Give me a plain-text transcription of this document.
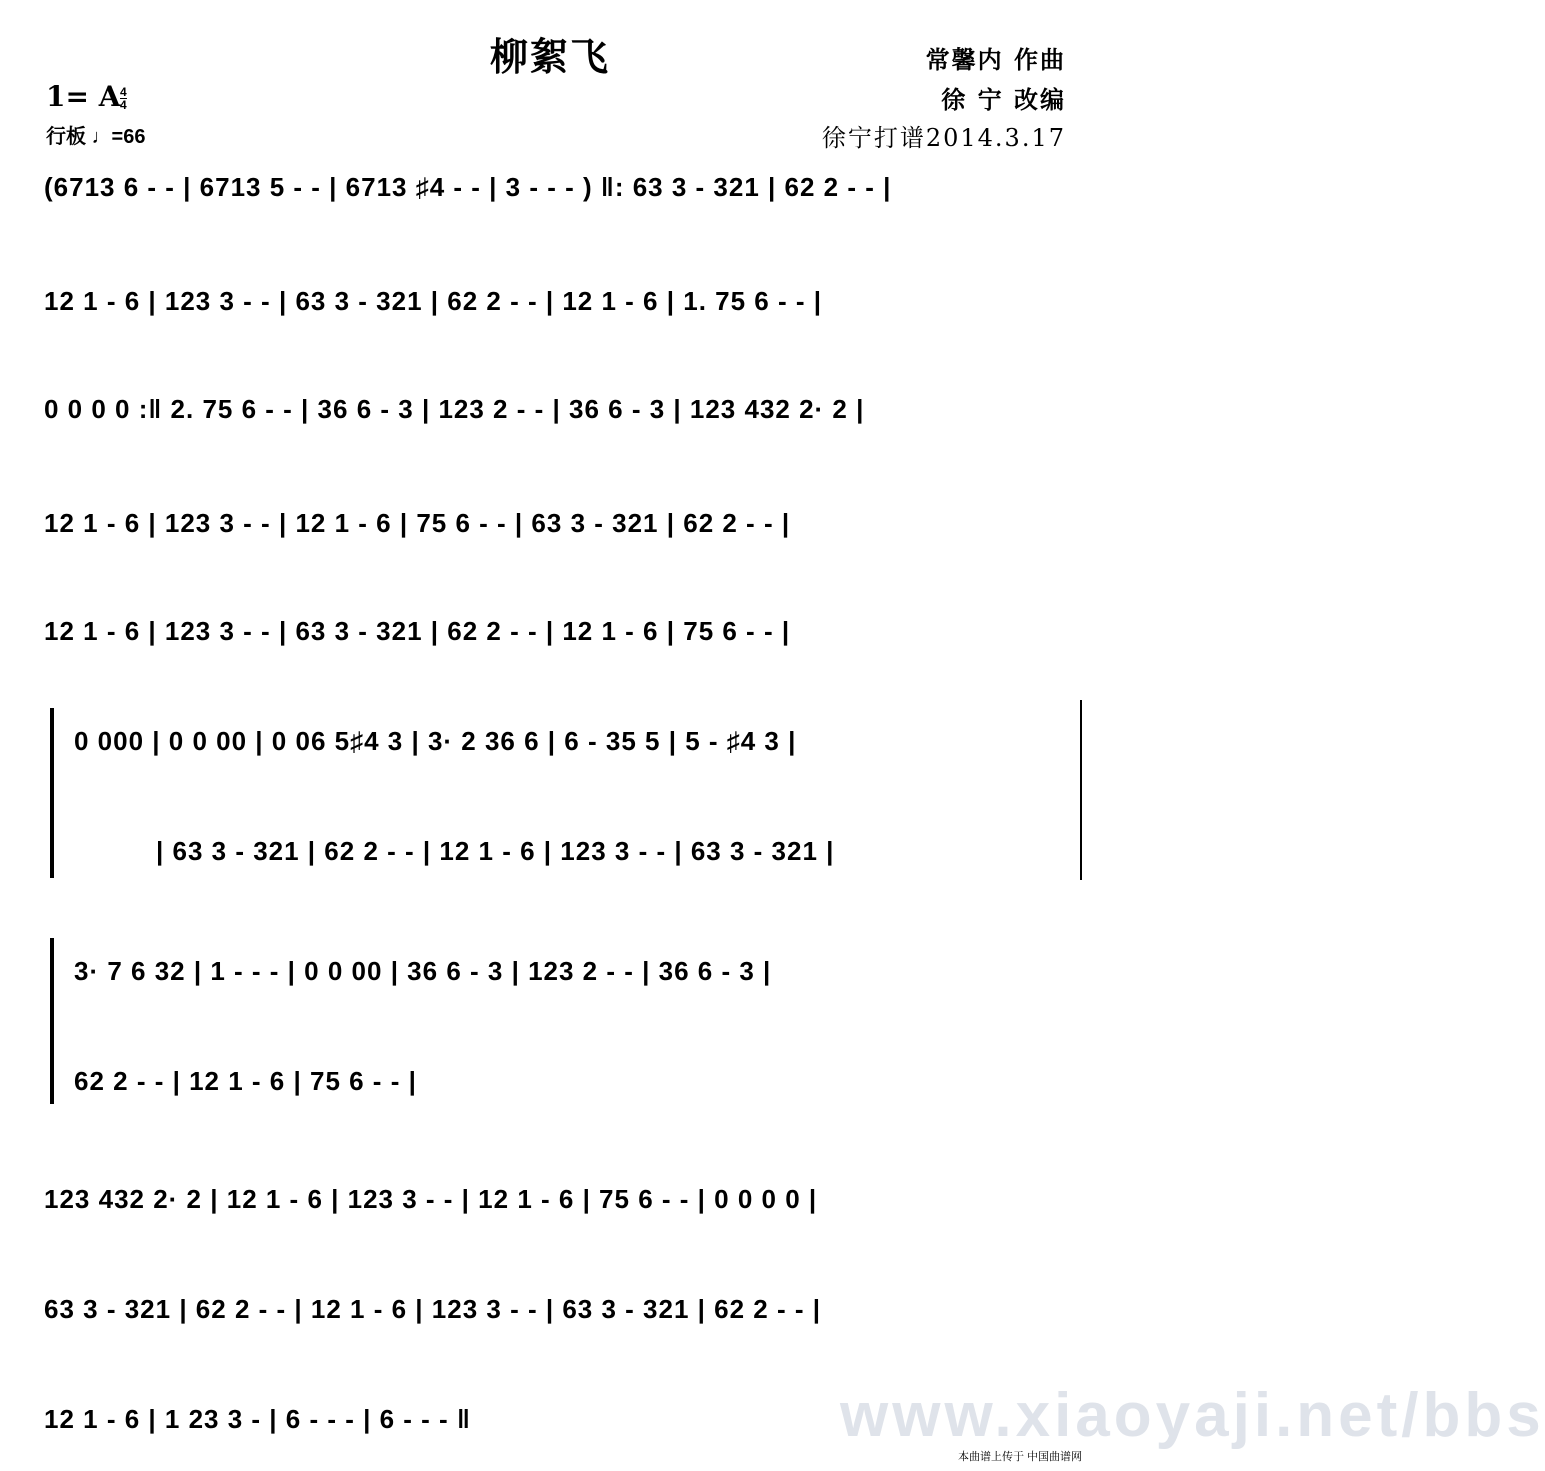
柳絮飞	常馨内 作曲
徐 宁 改编
徐宁打谱2014.3.17
1= A 4
4
行板 ♩=66
(6713 6 - - | 6713 5 - - | 6713 ♯4 - - | 3 - - - ) ‖: 63 3 - 321 | 62 2 - - |
12 1 - 6 | 123 3 - - | 63 3 - 321 | 62 2 - - | 12 1 - 6 | 1. 75 6 - - |
0 0 0 0 :‖ 2. 75 6 - - | 36 6 - 3 | 123 2 - - | 36 6 - 3 | 123 432 2· 2 |
12 1 - 6 | 123 3 - - | 12 1 - 6 | 75 6 - - | 63 3 - 321 | 62 2 - - |
12 1 - 6 | 123 3 - - | 63 3 - 321 | 62 2 - - | 12 1 - 6 | 75 6 - - |
0 000 | 0 0 00 | 0 06 5♯4 3 | 3· 2 36 6 | 6 - 35 5 | 5 - ♯4 3 |
| 63 3 - 321 | 62 2 - - | 12 1 - 6 | 123 3 - - | 63 3 - 321 |
3· 7 6 32 | 1 - - - | 0 0 00 | 36 6 - 3 | 123 2 - - | 36 6 - 3 |
62 2 - - | 12 1 - 6 | 75 6 - - |
123 432 2· 2 | 12 1 - 6 | 123 3 - - | 12 1 - 6 | 75 6 - - | 0 0 0 0 |
63 3 - 321 | 62 2 - - | 12 1 - 6 | 123 3 - - | 63 3 - 321 | 62 2 - - |
12 1 - 6 | 1 23 3 - | 6 - - - | 6 - - - ‖	www.xiaoyaji.net/bbs
本曲谱上传于 中国曲谱网
